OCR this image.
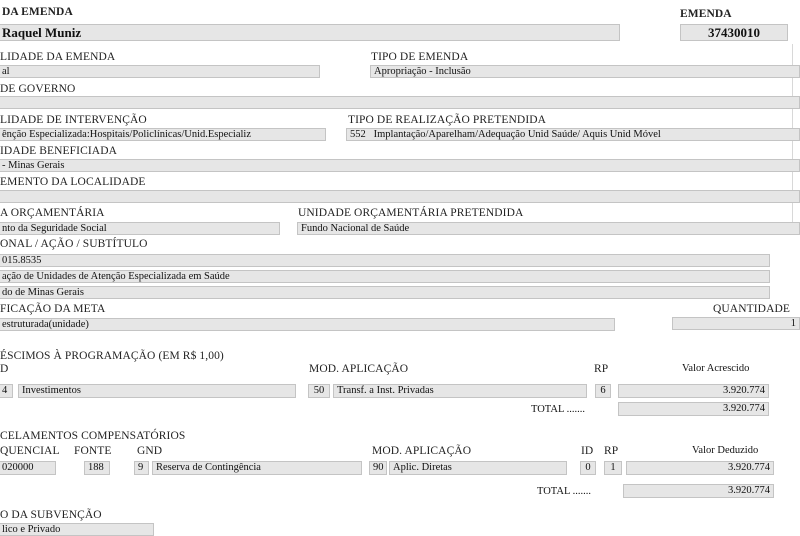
DA EMENDA
Raquel Muniz
EMENDA
37430010
LIDADE DA EMENDA
al
TIPO DE EMENDA
Apropriação - Inclusão
DE GOVERNO
LIDADE DE INTERVENÇÃO
ênção Especializada:Hospitais/Policlínicas/Unid.Especializ
TIPO DE REALIZAÇÃO PRETENDIDA
552 Implantação/Aparelham/Adequação Unid Saúde/ Aquis Unid Móvel
IDADE BENEFICIADA
- Minas Gerais
EMENTO DA LOCALIDADE
A ORÇAMENTÁRIA
nto da Seguridade Social
UNIDADE ORÇAMENTÁRIA PRETENDIDA
Fundo Nacional de Saúde
ONAL / AÇÃO / SUBTÍTULO
015.8535
ação de Unidades de Atenção Especializada em Saúde
do de Minas Gerais
FICAÇÃO DA META
estruturada(unidade)
QUANTIDADE
1
ÉSCIMOS À PROGRAMAÇÃO (EM R$ 1,00)
D	MOD. APLICAÇÃO	RP	Valor Acrescido
4	Investimentos	50	Transf. a Inst. Privadas	6	3.920.774
TOTAL .......	3.920.774
CELAMENTOS COMPENSATÓRIOS
QUENCIAL FONTE GND	MOD. APLICAÇÃO	ID RP	Valor Deduzido
020000	188	9	Reserva de Contingência	90 Aplic. Diretas	0	1	3.920.774
TOTAL .......	3.920.774
O DA SUBVENÇÃO
lico e Privado
